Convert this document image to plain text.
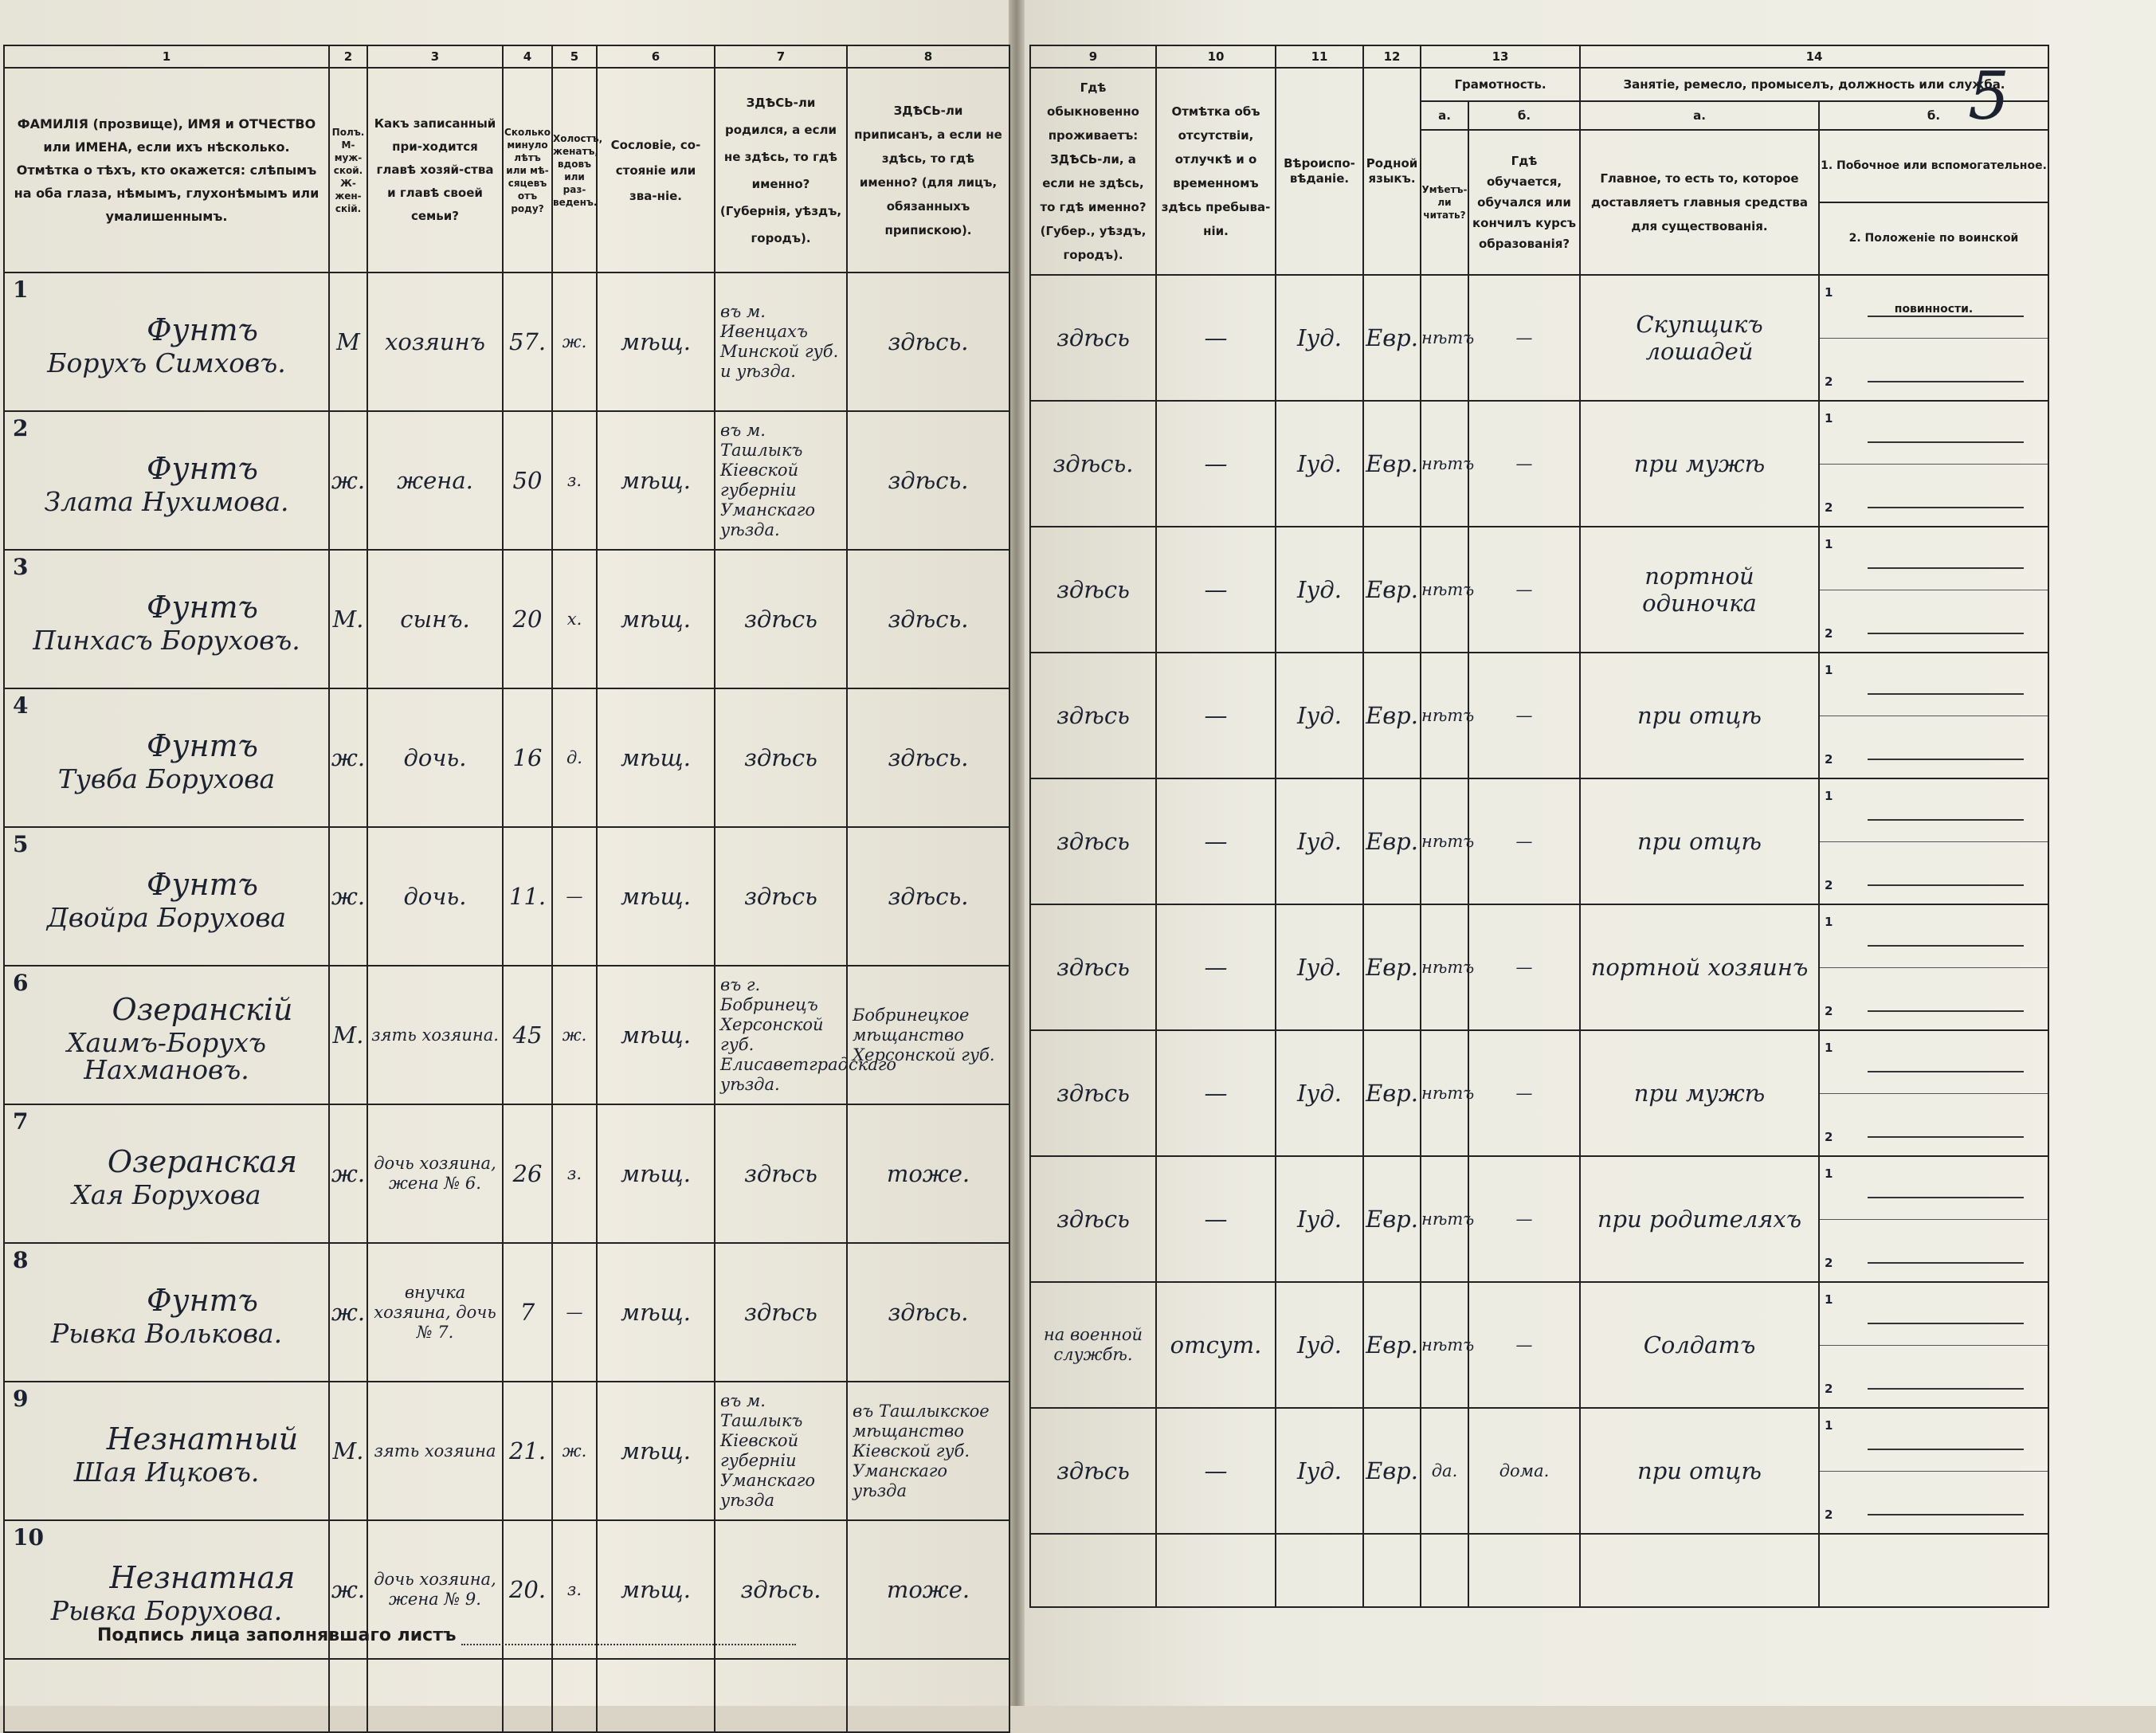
1	2	3	4	5	6	7	8
ФАМИЛІЯ (прозвище), ИМЯ и ОТЧЕСТВО или ИМЕНА, если ихъ нѣсколько. Отмѣтка о тѣхъ, кто окажется: слѣпымъ на оба глаза, нѣмымъ, глухонѣмымъ или умалишеннымъ.	Полъ. М-муж-ской. Ж-жен-скій.	Какъ записанный при-ходится главѣ хозяй-ства и главѣ своей семьи?	Сколько минуло лѣтъ или мѣ-сяцевъ отъ роду?	Холостъ, женатъ, вдовъ или раз-веденъ.	Сословіе, со-стояніе или зва-ніе.	ЗДѢСЬ-ли родился, а если не здѣсь, то гдѣ именно? (Губернія, уѣздъ, городъ).	ЗДѢСЬ-ли приписанъ, а если не здѣсь, то гдѣ именно? (для лицъ, обязанныхъ припискою).

1
Фунтъ
Борухъ Симховъ.	М	хозяинъ	57.	ж.	мѣщ.	въ м. Ивенцахъ Минской губ. и уѣзда.	здѣсь.

2
Фунтъ
Злата Нухимова.	ж.	жена.	50	з.	мѣщ.	въ м. Ташлыкъ Кіевской губерніи Уманскаго уѣзда.	здѣсь.

3
Фунтъ
Пинхасъ Боруховъ.	М.	сынъ.	20	х.	мѣщ.	здѣсь	здѣсь.

4
Фунтъ
Тувба Борухова	ж.	дочь.	16	д.	мѣщ.	здѣсь	здѣсь.

5
Фунтъ
Двойра Борухова	ж.	дочь.	11.	—	мѣщ.	здѣсь	здѣсь.

6
Озеранскій
Хаимъ-Борухъ Нахмановъ.	М.	зять хозяина.	45	ж.	мѣщ.	въ г. Бобринецъ Херсонской губ. Елисаветградскаго уѣзда.	Бобринецкое мѣщанство Херсонской губ.

7
Озеранская
Хая Борухова	ж.	дочь хозяина, жена № 6.	26	з.	мѣщ.	здѣсь	тоже.

8
Фунтъ
Рывка Волькова.	ж.	внучка хозяина, дочь № 7.	7	—	мѣщ.	здѣсь	здѣсь.

9
Незнатный
Шая Ицковъ.	М.	зять хозяина	21.	ж.	мѣщ.	въ м. Ташлыкъ Кіевской губерніи Уманскаго уѣзда	въ Ташлыкское мѣщанство Кіевской губ. Уманскаго уѣзда

10
Незнатная
Рывка Борухова.	ж.	дочь хозяина, жена № 9.	20.	з.	мѣщ.	здѣсь.	тоже.

9	10	11	12	13		14	
Гдѣ обыкновенно проживаетъ: ЗДѢСЬ-ли, а если не здѣсь, то гдѣ именно? (Губер., уѣздъ, городъ).	Отмѣтка объ отсутствіи, отлучкѣ и о временномъ здѣсь пребыва-ніи.	Вѣроиспо-вѣданіе.	Родной языкъ.	Грамотность.		Занятіе, ремесло, промыселъ, должность или служба.	
				а.	б.	а.	б.
				Умѣетъ-ли читать?	Гдѣ обучается, обучался или кончилъ курсъ образованія?	Главное, то есть то, которое доставляетъ главныя средства для существованія.	1. Побочное или вспомогательное.
2. Положеніе по воинской повинности.

здѣсь	—	Іуд.	Евр.	нѣтъ	—	Скупщикъ лошадей	1
2

здѣсь.	—	Іуд.	Евр.	нѣтъ	—	при мужѣ	1
2

здѣсь	—	Іуд.	Евр.	нѣтъ	—	портной одиночка	1
2

здѣсь	—	Іуд.	Евр.	нѣтъ	—	при отцѣ	1
2

здѣсь	—	Іуд.	Евр.	нѣтъ	—	при отцѣ	1
2

здѣсь	—	Іуд.	Евр.	нѣтъ	—	портной хозяинъ	1
2

здѣсь	—	Іуд.	Евр.	нѣтъ	—	при мужѣ	1
2

здѣсь	—	Іуд.	Евр.	нѣтъ	—	при родителяхъ	1
2

на военной службѣ.	отсут.	Іуд.	Евр.	нѣтъ	—	Солдатъ	1
2

здѣсь	—	Іуд.	Евр.	да.	дома.	при отцѣ	1
2

5
Подпись лица заполнявшаго листъ
